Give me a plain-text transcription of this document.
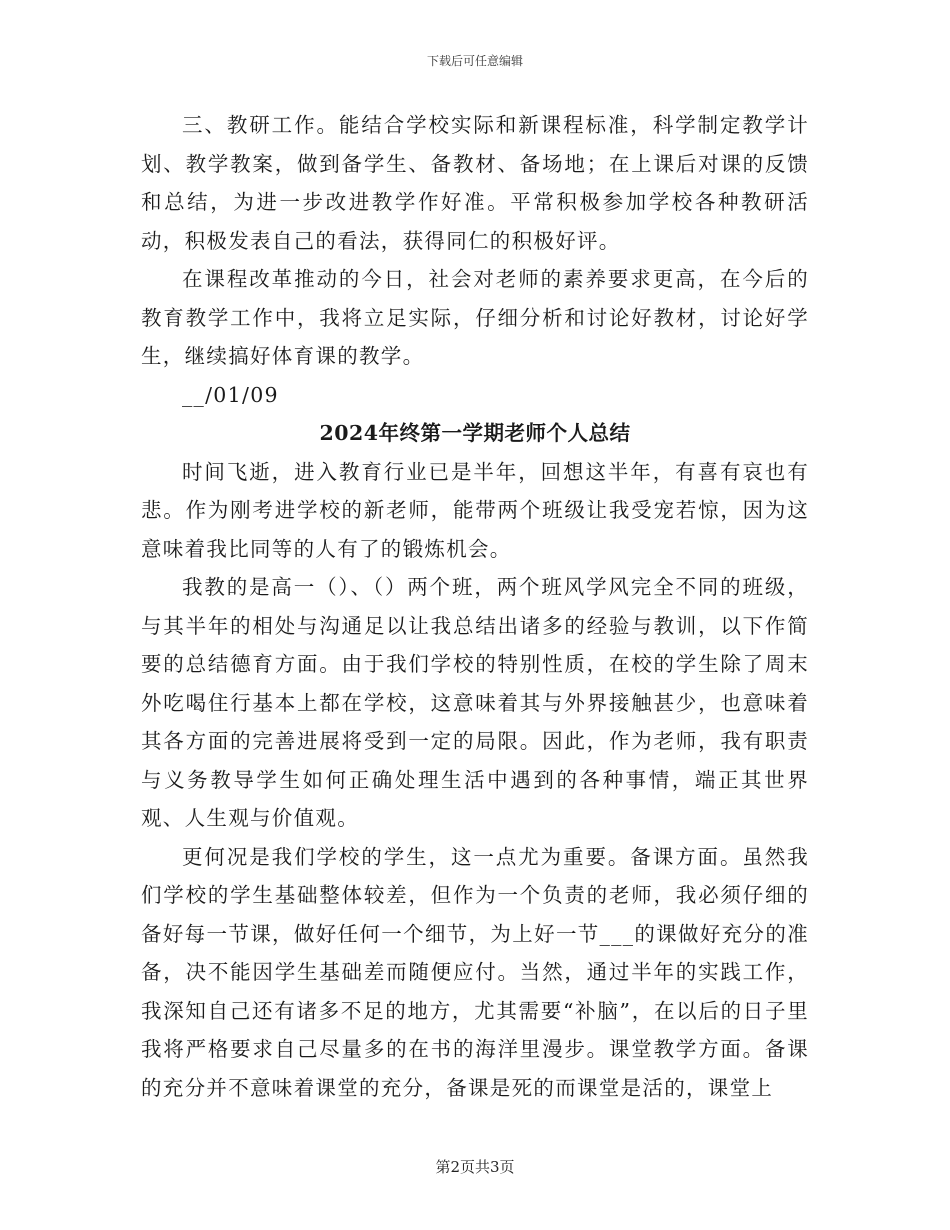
下载后可任意编辑

三、教研工作。能结合学校实际和新课程标准，科学制定教学计划、教学教案，做到备学生、备教材、备场地；在上课后对课的反馈和总结，为进一步改进教学作好准。平常积极参加学校各种教研活动，积极发表自己的看法，获得同仁的积极好评。

在课程改革推动的今日，社会对老师的素养要求更高，在今后的教育教学工作中，我将立足实际，仔细分析和讨论好教材，讨论好学生，继续搞好体育课的教学。

__/01/09

2024年终第一学期老师个人总结

时间飞逝，进入教育行业已是半年，回想这半年，有喜有哀也有悲。作为刚考进学校的新老师，能带两个班级让我受宠若惊，因为这意味着我比同等的人有了的锻炼机会。

我教的是高一（）、（）两个班，两个班风学风完全不同的班级，与其半年的相处与沟通足以让我总结出诸多的经验与教训，以下作简要的总结德育方面。由于我们学校的特别性质，在校的学生除了周末外吃喝住行基本上都在学校，这意味着其与外界接触甚少，也意味着其各方面的完善进展将受到一定的局限。因此，作为老师，我有职责与义务教导学生如何正确处理生活中遇到的各种事情，端正其世界观、人生观与价值观。

更何况是我们学校的学生，这一点尤为重要。备课方面。虽然我们学校的学生基础整体较差，但作为一个负责的老师，我必须仔细的备好每一节课，做好任何一个细节，为上好一节___的课做好充分的准备，决不能因学生基础差而随便应付。当然，通过半年的实践工作，我深知自己还有诸多不足的地方，尤其需要“补脑”，在以后的日子里我将严格要求自己尽量多的在书的海洋里漫步。课堂教学方面。备课的充分并不意味着课堂的充分，备课是死的而课堂是活的，课堂上

第2页共3页
